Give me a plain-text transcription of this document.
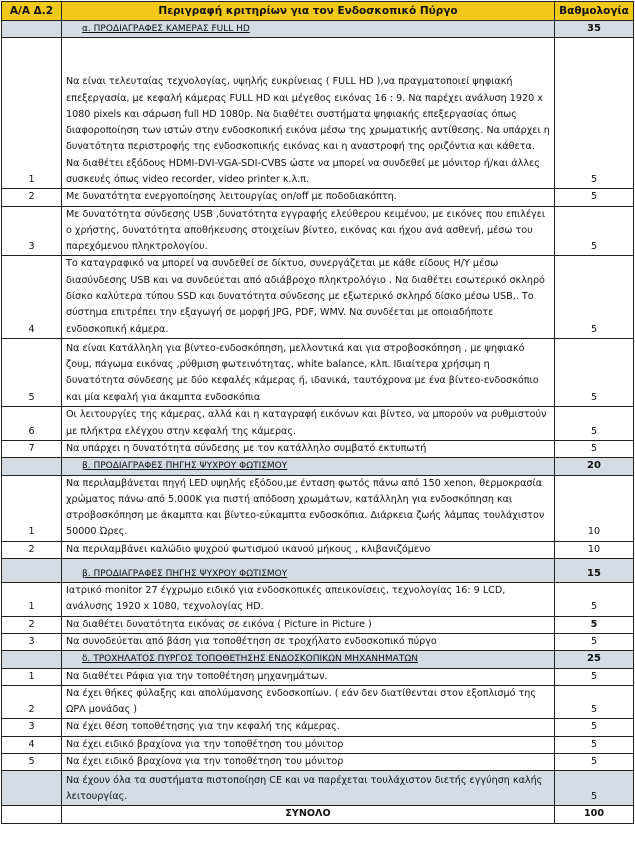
Α/Α Δ.2	Περιγραφή κριτηρίων για τον Ενδοσκοπικό Πύργο	Βαθμολογία
	α. ΠΡΟΔΙΑΓΡΑΦΕΣ ΚΑΜΕΡΑΣ FULL HD	35
1	Να είναι τελευταίας τεχνολογίας, υψηλής ευκρίνειας ( FULL HD ),να πραγματοποιεί ψηφιακή επεξεργασία, με κεφαλή κάμερας FULL HD και μέγεθος εικόνας 16 : 9. Να παρέχει ανάλυση 1920 x 1080 pixels και σάρωση full HD 1080p. Να διαθέτει συστήματα ψηφιακής επεξεργασίας όπως διαφοροποίηση των ιστών στην ενδοσκοπική εικόνα μέσω της χρωματικής αντίθεσης. Να υπάρχει η δυνατότητα περιστροφής της ενδοσκοπικής εικόνας και η αναστροφή της οριζόντια και κάθετα. Να διαθέτει εξόδους HDMI-DVI-VGA-SDI-CVBS ώστε να μπορεί να συνδεθεί με μόνιτορ ή/και άλλες συσκευές όπως video recorder, video printer κ.λ.π.	5
2	Με δυνατότητα ενεργοποίησης λειτουργίας on/off με ποδοδιακόπτη.	5
3	Με δυνατότητα σύνδεσης USB ,δυνατότητα εγγραφής ελεύθερου κειμένου, με εικόνες που επιλέγει ο χρήστης, δυνατότητα αποθήκευσης στοιχείων βίντεο, εικόνας και ήχου ανά ασθενή, μέσω του παρεχόμενου πληκτρολογίου.	5
4	Το καταγραφικό να μπορεί να συνδεθεί σε δίκτυο, συνεργάζεται με κάθε είδους Η/Υ μέσω διασύνδεσης USB και να συνδεύεται από αδιάβροχο πληκτρολόγιο . Να διαθέτει εσωτερικό σκληρό δίσκο καλύτερα τύπου SSD και δυνατότητα σύνδεσης με εξωτερικό σκληρό δίσκο μέσω USB,. Το σύστημα επιτρέπει την εξαγωγή σε μορφή JPG, PDF, WMV. Να συνδέεται με οποιαδήποτε ενδοσκοπική κάμερα.	5
5	Να είναι Κατάλληλη για βίντεο-ενδοσκόπηση, μελλοντικά και για στροβοσκόπηση , με ψηφιακό ζουμ, πάγωμα εικόνας ,ρύθμιση φωτεινότητας, white balance, κλπ. Ιδιαίτερα χρήσιμη η δυνατότητα σύνδεσης με δύο κεφαλές κάμερας ή, ιδανικά, ταυτόχρονα με ένα βίντεο-ενδοσκόπιο και μία κεφαλή για άκαμπτα ενδοσκόπια	5
6	Οι λειτουργίες της κάμερας, αλλά και η καταγραφή εικόνων και βίντεο, να μπορούν να ρυθμιστούν με πλήκτρα ελέγχου στην κεφαλή της κάμερας.	5
7	Να υπάρχει η δυνατότητα σύνδεσης με τον κατάλληλο συμβατό εκτυπωτή	5
	β. ΠΡΟΔΙΑΓΡΑΦΕΣ ΠΗΓΗΣ ΨΥΧΡΟΥ ΦΩΤΙΣΜΟΥ	20
1	Να περιλαμβάνεται πηγή LED υψηλής εξόδου,με ένταση φωτός πάνω από 150 xenon, θερμοκρασία χρώματος πάνω από 5.000K για πιστή απόδοση χρωμάτων, κατάλληλη για ενδοσκόπηση και στροβοσκόπηση με άκαμπτα και βίντεο-εύκαμπτα ενδοσκόπια. Διάρκεια ζωής λάμπας τουλάχιστον 50000 Ώρες.	10
2	Να περιλαμβάνει καλώδιο ψυχρού φωτισμού ικανού μήκους , κλιβανιζόμενο	10
	β. ΠΡΟΔΙΑΓΡΑΦΕΣ ΠΗΓΗΣ ΨΥΧΡΟΥ ΦΩΤΙΣΜΟΥ	15
1	Ιατρικό monitor 27 έγχρωμο ειδικό για ενδοσκοπικές απεικονίσεις, τεχνολογίας 16: 9 LCD, ανάλυσης 1920 x 1080, τεχνολογίας HD.	5
2	Να διαθέτει δυνατότητα εικόνας σε εικόνα ( Picture in Picture )	5
3	Να συνοδεύεται από βάση για τοποθέτηση σε τροχήλατο ενδοσκοπικό πύργο	5
	δ. ΤΡΟΧΗΛΑΤΟΣ ΠΥΡΓΟΣ ΤΟΠΟΘΕΤΗΣΗΣ ΕΝΔΟΣΚΟΠΙΚΩΝ ΜΗΧΑΝΗΜΑΤΩΝ	25
1	Να διαθέτει Ράφια για την τοποθέτηση μηχανημάτων.	5
2	Να έχει θήκες φύλαξης και απολύμανσης ενδοσκοπίων. ( εάν δεν διατίθενται στον εξοπλισμό της ΩΡΛ μονάδας )	5
3	Να έχει θέση τοποθέτησης για την κεφαλή της κάμερας.	5
4	Να έχει ειδικό βραχίονα για την τοποθέτηση του μόνιτορ	5
5	Να έχει ειδικό βραχίονα για την τοποθέτηση του μόνιτορ	5
	Να έχουν όλα τα συστήματα πιστοποίηση CE και να παρέχεται τουλάχιστον διετής εγγύηση καλής λειτουργίας.	5
	ΣΥΝΟΛΟ	100
